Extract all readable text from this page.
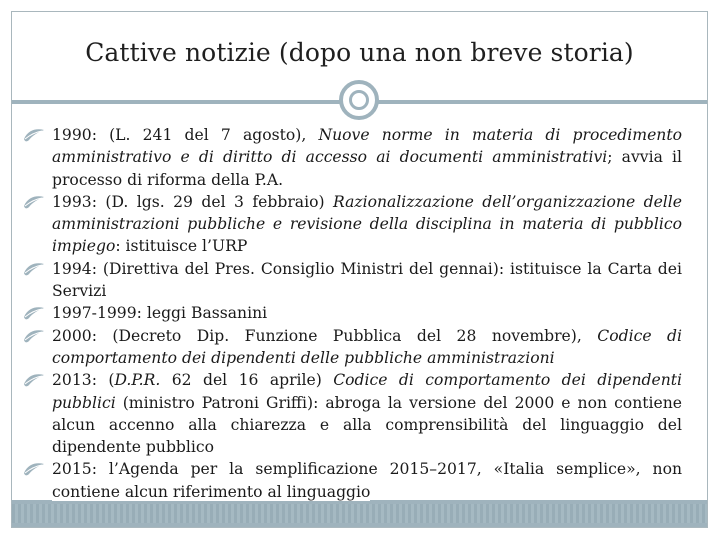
Cattive notizie (dopo una non breve storia)
1990: (L. 241 del 7 agosto), Nuove norme in materia di procedimento amministrativo e di diritto di accesso ai documenti amministrativi; avvia il processo di riforma della P.A.
1993: (D. lgs. 29 del 3 febbraio) Razionalizzazione dell’organizzazione delle amministrazioni pubbliche e revisione della disciplina in materia di pubblico impiego: istituisce l’URP
1994: (Direttiva del Pres. Consiglio Ministri del gennai): istituisce la Carta dei Servizi
1997-1999: leggi Bassanini
2000: (Decreto Dip. Funzione Pubblica del 28 novembre), Codice di comportamento dei dipendenti delle pubbliche amministrazioni
2013: (D.P.R. 62 del 16 aprile) Codice di comportamento dei dipendenti pubblici (ministro Patroni Griffi): abroga la versione del 2000 e non contiene alcun accenno alla chiarezza e alla comprensibilità del linguaggio del dipendente pubblico
2015: l’Agenda per la semplificazione 2015–2017, «Italia semplice», non contiene alcun riferimento al linguaggio
